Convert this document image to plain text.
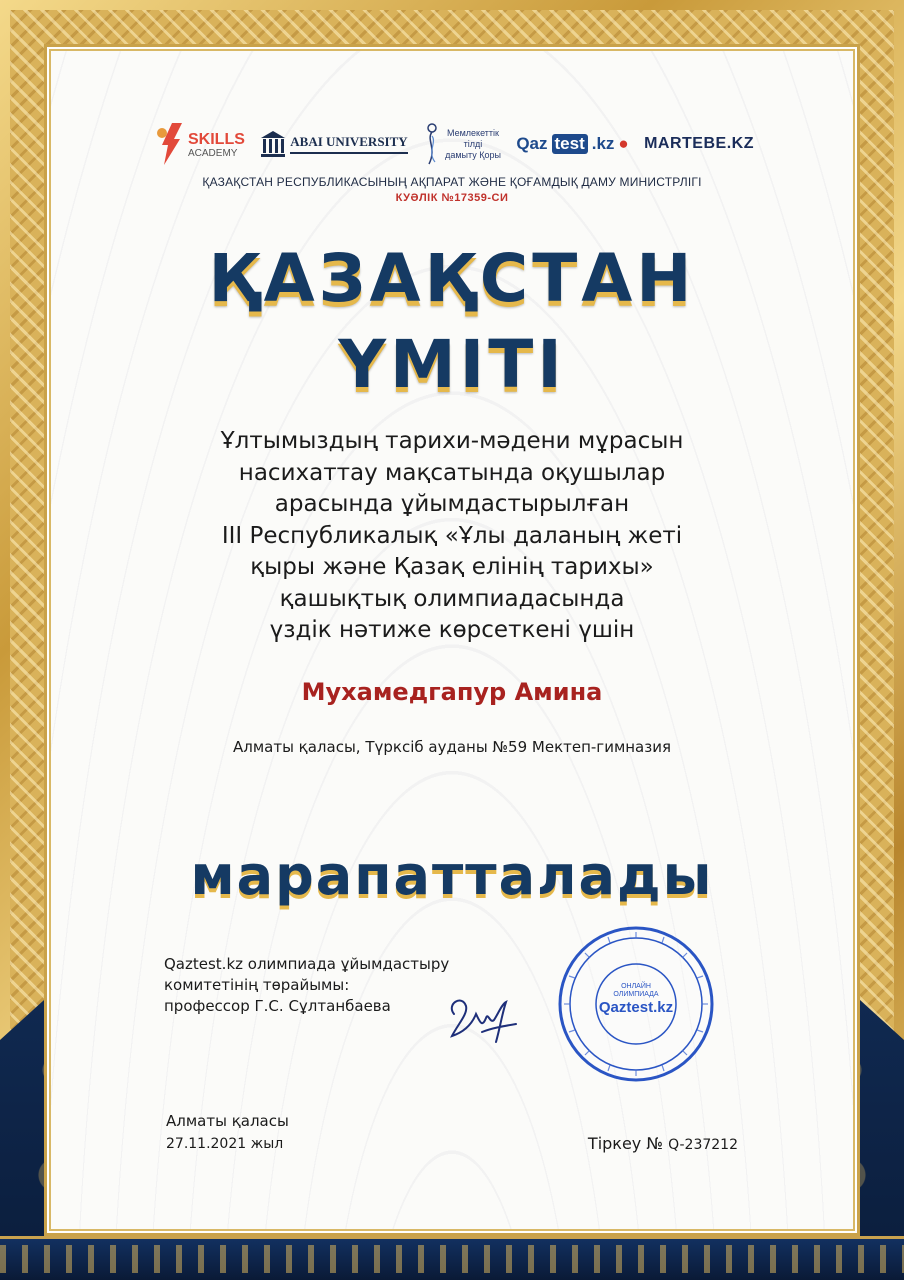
SKILLS
ACADEMY
ABAI UNIVERSITY
Мемлекеттік
тілді
дамыту Қоры
Qaz test .kz ● MARTEBE.KZ
ҚАЗАҚСТАН РЕСПУБЛИКАСЫНЫҢ АҚПАРАТ ЖӘНЕ ҚОҒАМДЫҚ ДАМУ МИНИСТРЛІГІ
КУӘЛІК №17359-СИ
ҚАЗАҚСТАН
ҮМІТІ
Ұлтымыздың тарихи-мәдени мұрасын
насихаттау мақсатында оқушылар
арасында ұйымдастырылған
ІІІ Республикалық «Ұлы даланың жеті
қыры және Қазақ елінің тарихы»
қашықтық олимпиадасында
үздік нәтиже көрсеткені үшін
Мухамедгапур Амина
Алматы қаласы, Түрксіб ауданы №59 Мектеп-гимназия
марапатталады
Qaztest.kz олимпиада ұйымдастыру
комитетінің төрайымы:
профессор Г.С. Сұлтанбаева
ОНЛАЙН
ОЛИМПИАДА
Qaztest.kz
Алматы қаласы
27.11.2021 жыл	Тіркеу № Q-237212
